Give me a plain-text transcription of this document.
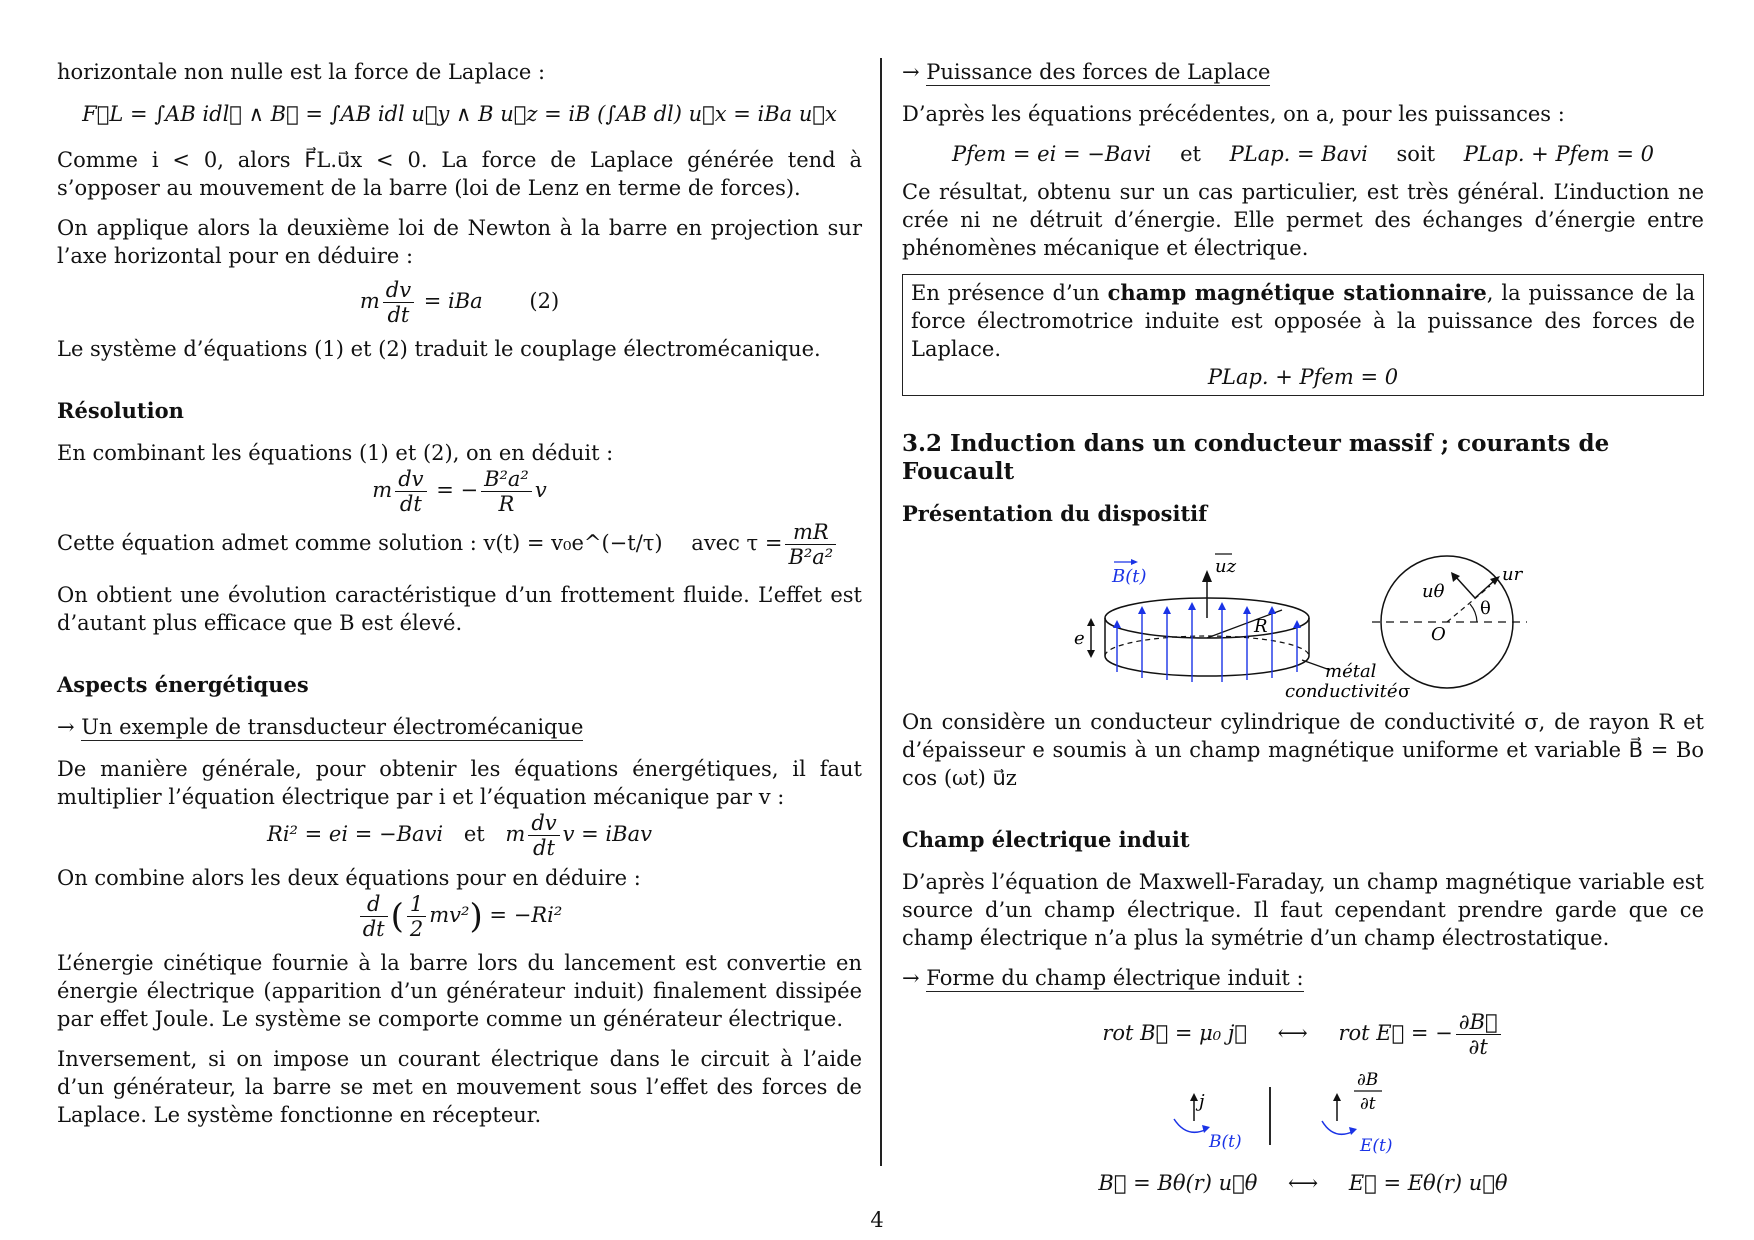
horizontale non nulle est la force de Laplace :

F⃗L = ∫AB idl⃗ ∧ B⃗ = ∫AB idl u⃗y ∧ B u⃗z = iB (∫AB dl) u⃗x = iBa u⃗x

Comme i < 0, alors F⃗L.u⃗x < 0. La force de Laplace générée tend à s’opposer au mouvement de la barre (loi de Lenz en terme de forces).

On applique alors la deuxième loi de Newton à la barre en projection sur l’axe horizontal pour en déduire :

m $\frac{dv}{dt}$ = iBa (2)

Le système d’équations (1) et (2) traduit le couplage électromécanique.

Résolution

En combinant les équations (1) et (2), on en déduit :

m $\frac{dv}{dt}$ = − $\frac{\text{B²a²}}{R}$ v

Cette équation admet comme solution : v(t) = v₀e^(−t/τ) avec $\tau = \frac{mR}{\text{B²a²}}$

On obtient une évolution caractéristique d’un frottement fluide. L’effet est d’autant plus efficace que B est élevé.

Aspects énergétiques
→ Un exemple de transducteur électromécanique

De manière générale, pour obtenir les équations énergétiques, il faut multiplier l’équation électrique par i et l’équation mécanique par v :

Ri² = ei = −Bavi et m $\frac{dv}{dt}$ v = iBav

On combine alors les deux équations pour en déduire :

$\frac{d}{dt}$ ( $\frac{1}{2} mv^2) = -Ri^2$

L’énergie cinétique fournie à la barre lors du lancement est convertie en énergie électrique (apparition d’un générateur induit) finalement dissipée par effet Joule. Le système se comporte comme un générateur électrique.

Inversement, si on impose un courant électrique dans le circuit à l’aide d’un générateur, la barre se met en mouvement sous l’effet des forces de Laplace. Le système fonctionne en récepteur.

→ Puissance des forces de Laplace

D’après les équations précédentes, on a, pour les puissances :

Pfem = ei = −Bavi et PLap. = Bavi soit PLap. + Pfem = 0

Ce résultat, obtenu sur un cas particulier, est très général. L’induction ne crée ni ne détruit d’énergie. Elle permet des échanges d’énergie entre phénomènes mécanique et électrique.

En présence d’un champ magnétique stationnaire, la puissance de la force électromotrice induite est opposée à la puissance des forces de Laplace.
PLap. + Pfem = 0
3.2 Induction dans un conducteur massif ; courants de Foucault
Présentation du dispositif
B(t)	uz
e
R
métal
conductivité σ
ur
uθ
θ
O

On considère un conducteur cylindrique de conductivité σ, de rayon R et d’épaisseur e soumis à un champ magnétique uniforme et variable B⃗ = Bo cos (ωt) u⃗z

Champ électrique induit

D’après l’équation de Maxwell-Faraday, un champ magnétique variable est source d’un champ électrique. Il faut cependant prendre garde que ce champ électrique n’a plus la symétrie d’un champ électrostatique.

→ Forme du champ électrique induit :
rot B⃗ = μ₀ j⃗ ⟷ rot E⃗ = − $\frac{\partial B⃗}{\partial t}$
j
B(t)
∂B
∂t
E(t)
B⃗ = Bθ(r) u⃗θ ⟷ E⃗ = Eθ(r) u⃗θ
4
